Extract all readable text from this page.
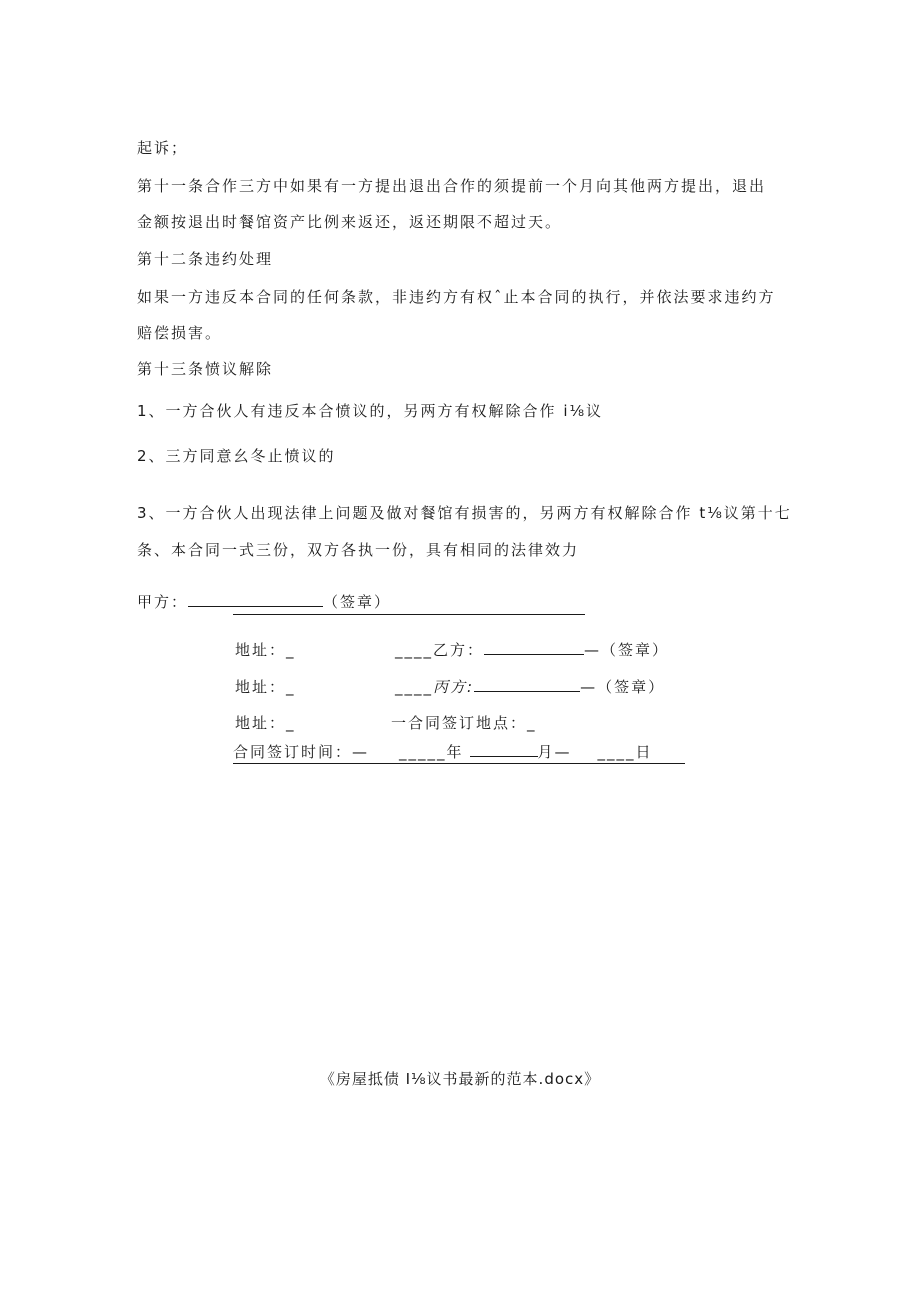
起诉；
第十一条合作三方中如果有一方提出退出合作的须提前一个月向其他两方提出，退出
金额按退出时餐馆资产比例来返还，返还期限不超过天。
第十二条违约处理
如果一方违反本合同的任何条款，非违约方有权ˆ止本合同的执行，并依法要求违约方
赔偿损害。
第十三条愤议解除
1、一方合伙人有违反本合愤议的，另两方有权解除合作 i⅛议
2、三方同意幺冬止愤议的
3、一方合伙人出现法律上问题及做对餐馆有损害的，另两方有权解除合作 t⅛议第十七
条、本合同一式三份，双方各执一份，具有相同的法律效力
甲方：	（签章）
地址：_	____乙方：	—（签章）
地址：_	____丙方:	—（签章）
地址：_	一合同签订地点：_
合同签订时间：— _____年	月— ____日
《房屋抵债 I⅛议书最新的范本.docx》
